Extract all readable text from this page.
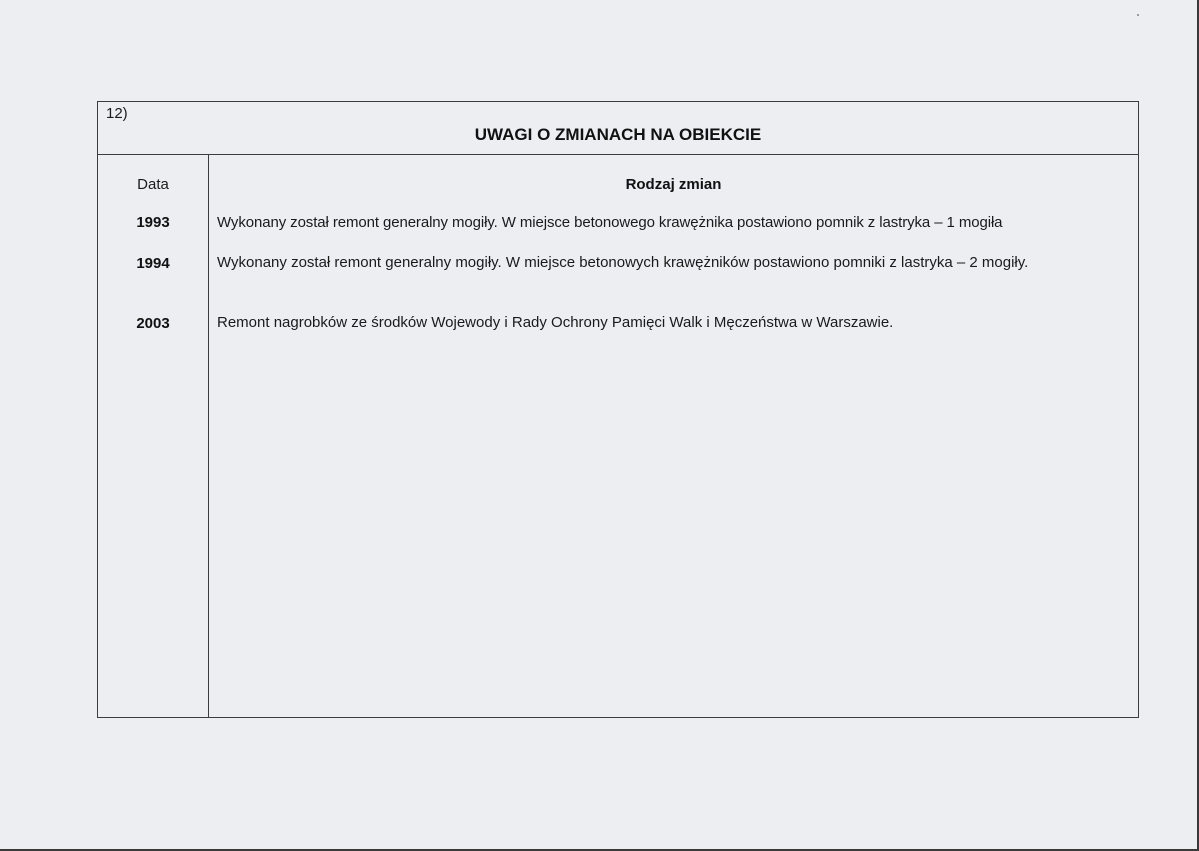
12)
UWAGI O ZMIANACH NA OBIEKCIE
Data	Rodzaj zmian
1993	Wykonany został remont generalny mogiły. W miejsce betonowego krawężnika postawiono pomnik z lastryka – 1 mogiła
1994	Wykonany został remont generalny mogiły. W miejsce betonowych krawężników postawiono pomniki z lastryka – 2 mogiły.
2003	Remont nagrobków ze środków Wojewody i Rady Ochrony Pamięci Walk i Męczeństwa w Warszawie.
